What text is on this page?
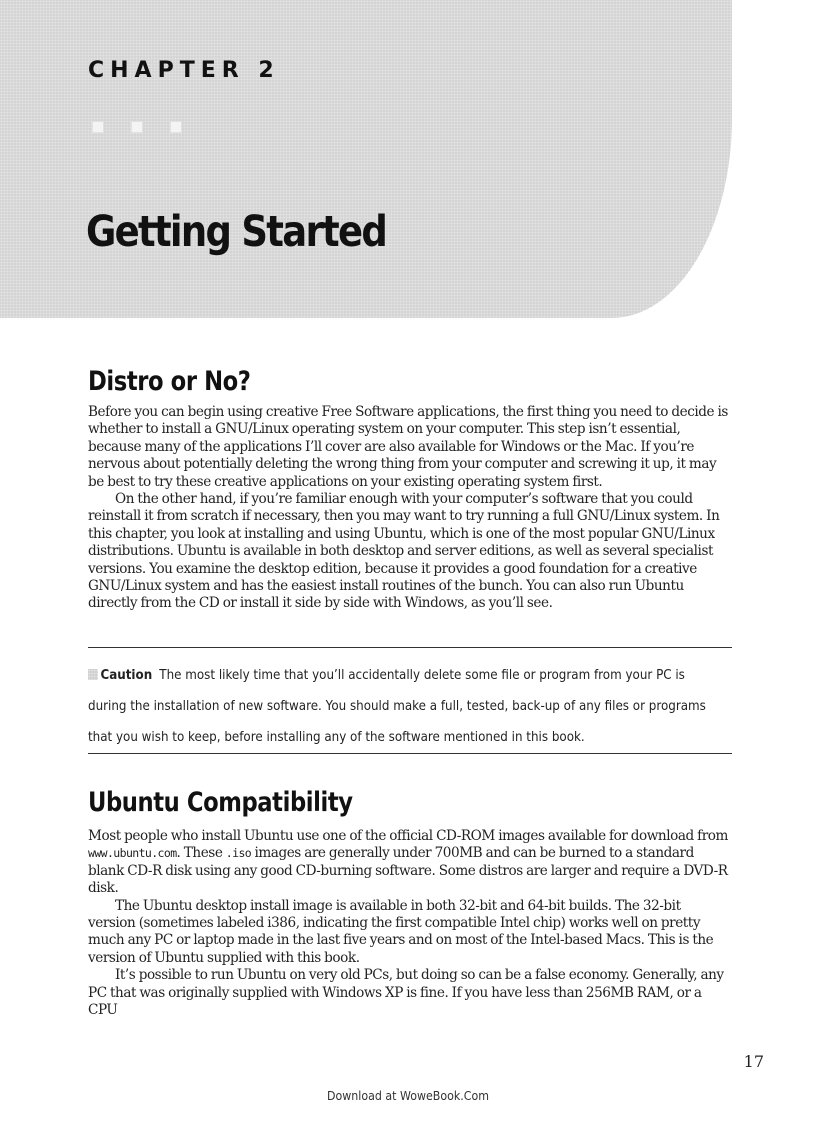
CHAPTER 2
Getting Started
Distro or No?

Before you can begin using creative Free Software applications, the first thing you need to decide is whether to install a GNU/Linux operating system on your computer. This step isn’t essential, because many of the applications I’ll cover are also available for Windows or the Mac. If you’re nervous about potentially deleting the wrong thing from your computer and screwing it up, it may be best to try these creative applications on your existing operating system first.

On the other hand, if you’re familiar enough with your computer’s software that you could reinstall it from scratch if necessary, then you may want to try running a full GNU/Linux system. In this chapter, you look at installing and using Ubuntu, which is one of the most popular GNU/Linux distributions. Ubuntu is available in both desktop and server editions, as well as several specialist versions. You examine the desktop edition, because it provides a good foundation for a creative GNU/Linux system and has the easiest install routines of the bunch. You can also run Ubuntu directly from the CD or install it side by side with Windows, as you’ll see.

Caution The most likely time that you’ll accidentally delete some file or program from your PC is during the installation of new software. You should make a full, tested, back-up of any files or programs that you wish to keep, before installing any of the software mentioned in this book.

Ubuntu Compatibility

Most people who install Ubuntu use one of the official CD-ROM images available for download from www.ubuntu.com. These .iso images are generally under 700MB and can be burned to a standard blank CD-R disk using any good CD-burning software. Some distros are larger and require a DVD-R disk.

The Ubuntu desktop install image is available in both 32-bit and 64-bit builds. The 32-bit version (sometimes labeled i386, indicating the first compatible Intel chip) works well on pretty much any PC or laptop made in the last five years and on most of the Intel-based Macs. This is the version of Ubuntu supplied with this book.

It’s possible to run Ubuntu on very old PCs, but doing so can be a false economy. Generally, any PC that was originally supplied with Windows XP is fine. If you have less than 256MB RAM, or a CPU

17
Download at WoweBook.Com
